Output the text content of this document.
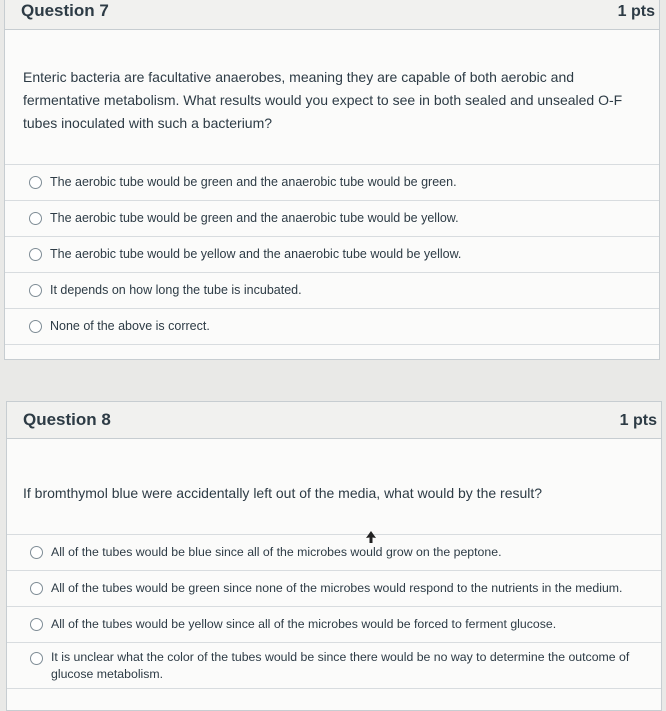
Question 7	1 pts
Enteric bacteria are facultative anaerobes, meaning they are capable of both aerobic and fermentative metabolism. What results would you expect to see in both sealed and unsealed O-F tubes inoculated with such a bacterium?
The aerobic tube would be green and the anaerobic tube would be green.
The aerobic tube would be green and the anaerobic tube would be yellow.
The aerobic tube would be yellow and the anaerobic tube would be yellow.
It depends on how long the tube is incubated.
None of the above is correct.
Question 8	1 pts
If bromthymol blue were accidentally left out of the media, what would by the result?
All of the tubes would be blue since all of the microbes would grow on the peptone.
All of the tubes would be green since none of the microbes would respond to the nutrients in the medium.
All of the tubes would be yellow since all of the microbes would be forced to ferment glucose.
It is unclear what the color of the tubes would be since there would be no way to determine the outcome of glucose metabolism.
